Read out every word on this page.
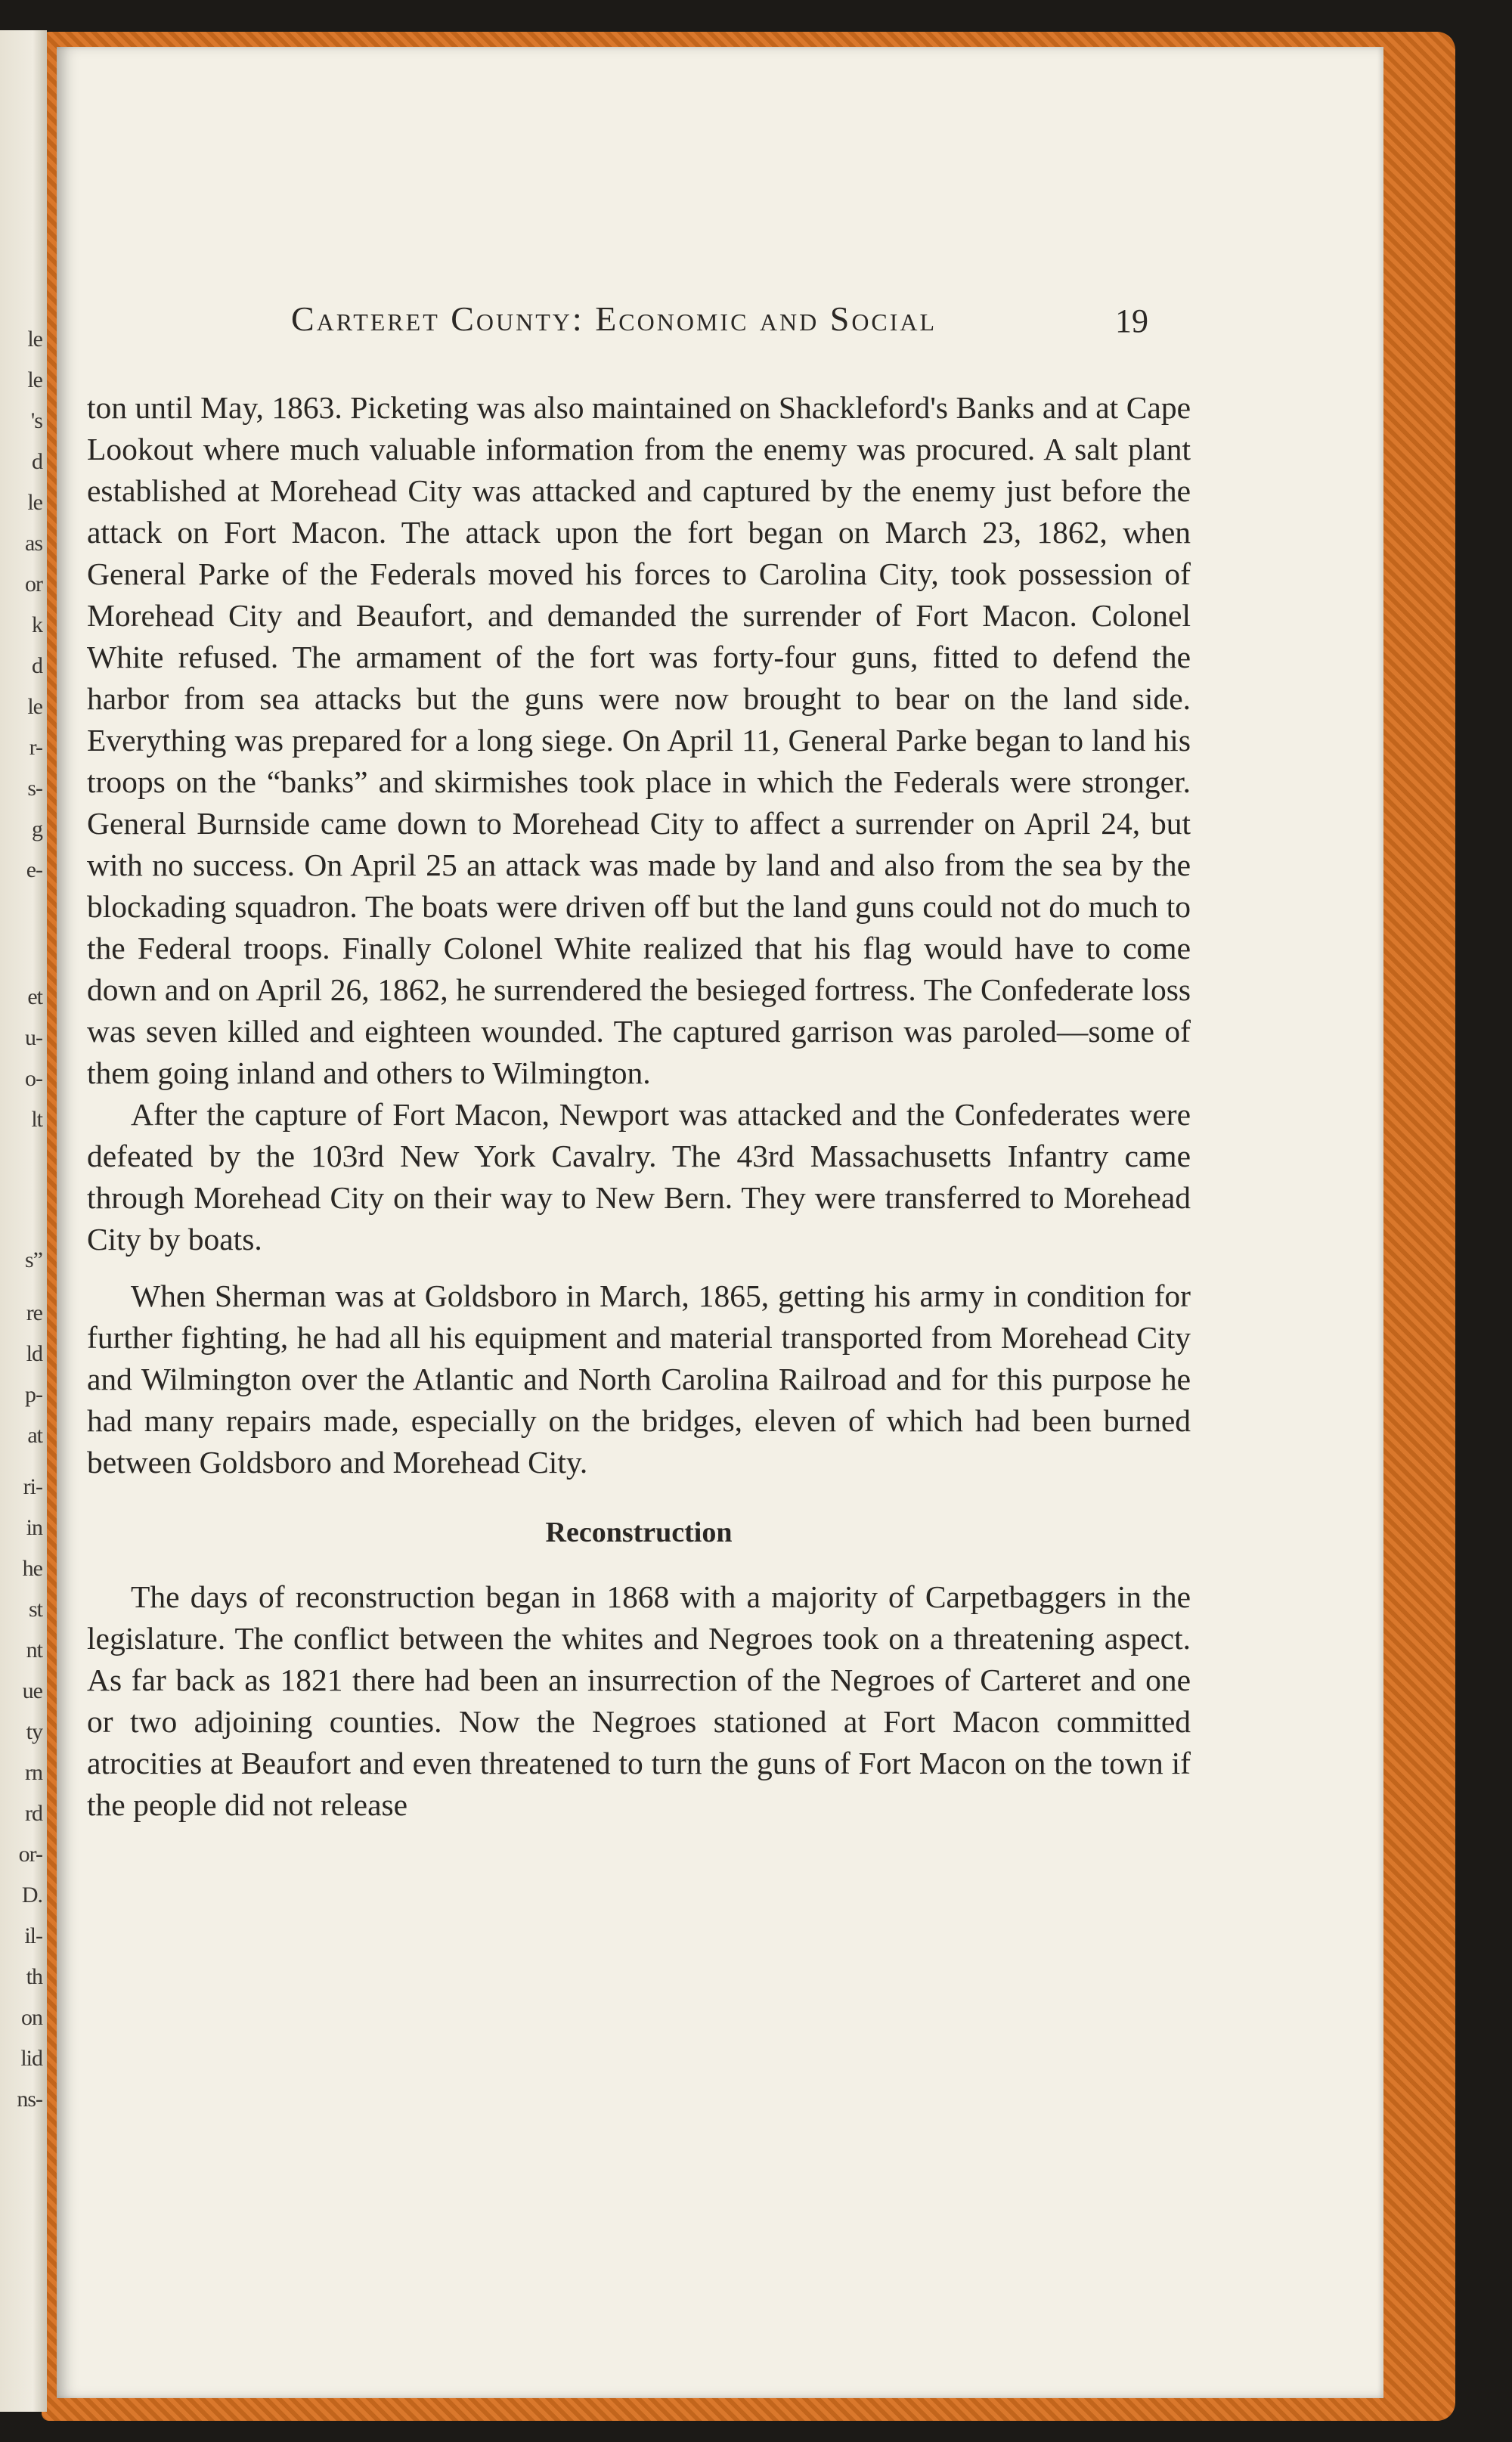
le
le
's
d
le
as
or
k
d
le
r-
s-
g
e-
et
u-
o-
lt
s”
re
ld
p-
at
ri-
in
he
st
nt
ue
ty
rn
rd
or-
D.
il-
th
on
lid
ns-
Carteret County: Economic and Social	19

ton until May, 1863. Picketing was also maintained on Shackleford's Banks and at Cape Lookout where much valuable information from the enemy was procured. A salt plant established at Morehead City was attacked and captured by the enemy just before the attack on Fort Macon. The attack upon the fort began on March 23, 1862, when General Parke of the Federals moved his forces to Carolina City, took possession of Morehead City and Beaufort, and demanded the surrender of Fort Macon. Colonel White refused. The armament of the fort was forty-four guns, fitted to defend the harbor from sea attacks but the guns were now brought to bear on the land side. Everything was prepared for a long siege. On April 11, General Parke began to land his troops on the “banks” and skirmishes took place in which the Federals were stronger. General Burnside came down to Morehead City to affect a surrender on April 24, but with no success. On April 25 an attack was made by land and also from the sea by the blockading squadron. The boats were driven off but the land guns could not do much to the Federal troops. Finally Colonel White realized that his flag would have to come down and on April 26, 1862, he surrendered the besieged fortress. The Confederate loss was seven killed and eighteen wounded. The captured garrison was paroled—some of them going inland and others to Wilmington.

After the capture of Fort Macon, Newport was attacked and the Confederates were defeated by the 103rd New York Cavalry. The 43rd Massachusetts Infantry came through Morehead City on their way to New Bern. They were transferred to Morehead City by boats.

When Sherman was at Goldsboro in March, 1865, getting his army in condition for further fighting, he had all his equipment and material transported from Morehead City and Wilmington over the Atlantic and North Carolina Railroad and for this purpose he had many repairs made, especially on the bridges, eleven of which had been burned between Goldsboro and Morehead City.

Reconstruction

The days of reconstruction began in 1868 with a majority of Carpetbaggers in the legislature. The conflict between the whites and Negroes took on a threatening aspect. As far back as 1821 there had been an insurrection of the Negroes of Carteret and one or two adjoining counties. Now the Negroes stationed at Fort Macon committed atrocities at Beaufort and even threatened to turn the guns of Fort Macon on the town if the people did not release
